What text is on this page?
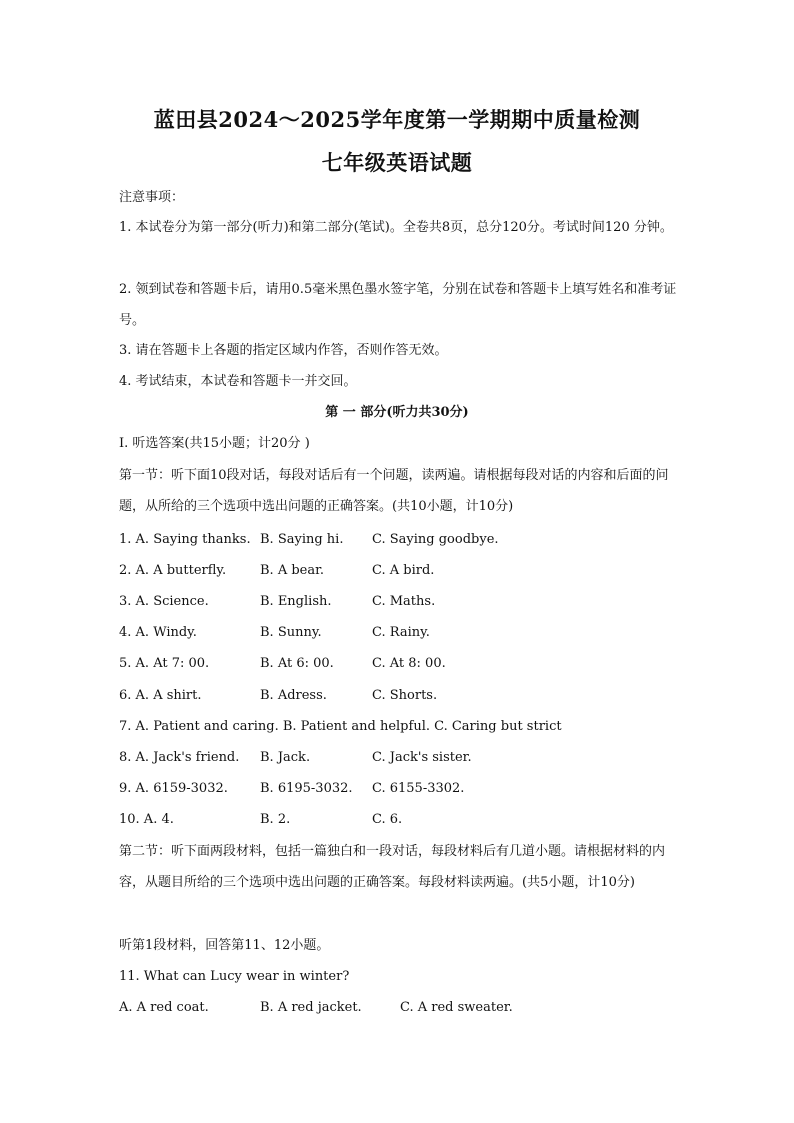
蓝田县2024～2025学年度第一学期期中质量检测
七年级英语试题
注意事项：
1. 本试卷分为第一部分(听力)和第二部分(笔试)。全卷共8页，总分120分。考试时间120 分钟。
2. 领到试卷和答题卡后，请用0.5毫米黑色墨水签字笔，分别在试卷和答题卡上填写姓名和准考证号。
3. 请在答题卡上各题的指定区域内作答，否则作答无效。
4. 考试结束，本试卷和答题卡一并交回。
第 一 部分(听力共30分)
I. 听选答案(共15小题；计20分 )
第一节：听下面10段对话，每段对话后有一个问题，读两遍。请根据每段对话的内容和后面的问题，从所给的三个选项中选出问题的正确答案。(共10小题，计10分)
1. A. Saying thanks. B. Saying hi. C. Saying goodbye.
2. A. A butterfly.	B. A bear.	C. A bird.
3. A. Science.	B. English.	C. Maths.
4. A. Windy.	B. Sunny.	C. Rainy.
5. A. At 7: 00.	B. At 6: 00.	C. At 8: 00.
6. A. A shirt.	B. Adress.	C. Shorts.
7. A. Patient and caring. B. Patient and helpful. C. Caring but strict
8. A. Jack's friend. B. Jack.	C. Jack's sister.
9. A. 6159-3032. B. 6195-3032. C. 6155-3302.
10. A. 4.	B. 2.	C. 6.
第二节：听下面两段材料，包括一篇独白和一段对话，每段材料后有几道小题。请根据材料的内容，从题目所给的三个选项中选出问题的正确答案。每段材料读两遍。(共5小题，计10分)
听第1段材料，回答第11、12小题。
11. What can Lucy wear in winter?
A. A red coat.	B. A red jacket.	C. A red sweater.
